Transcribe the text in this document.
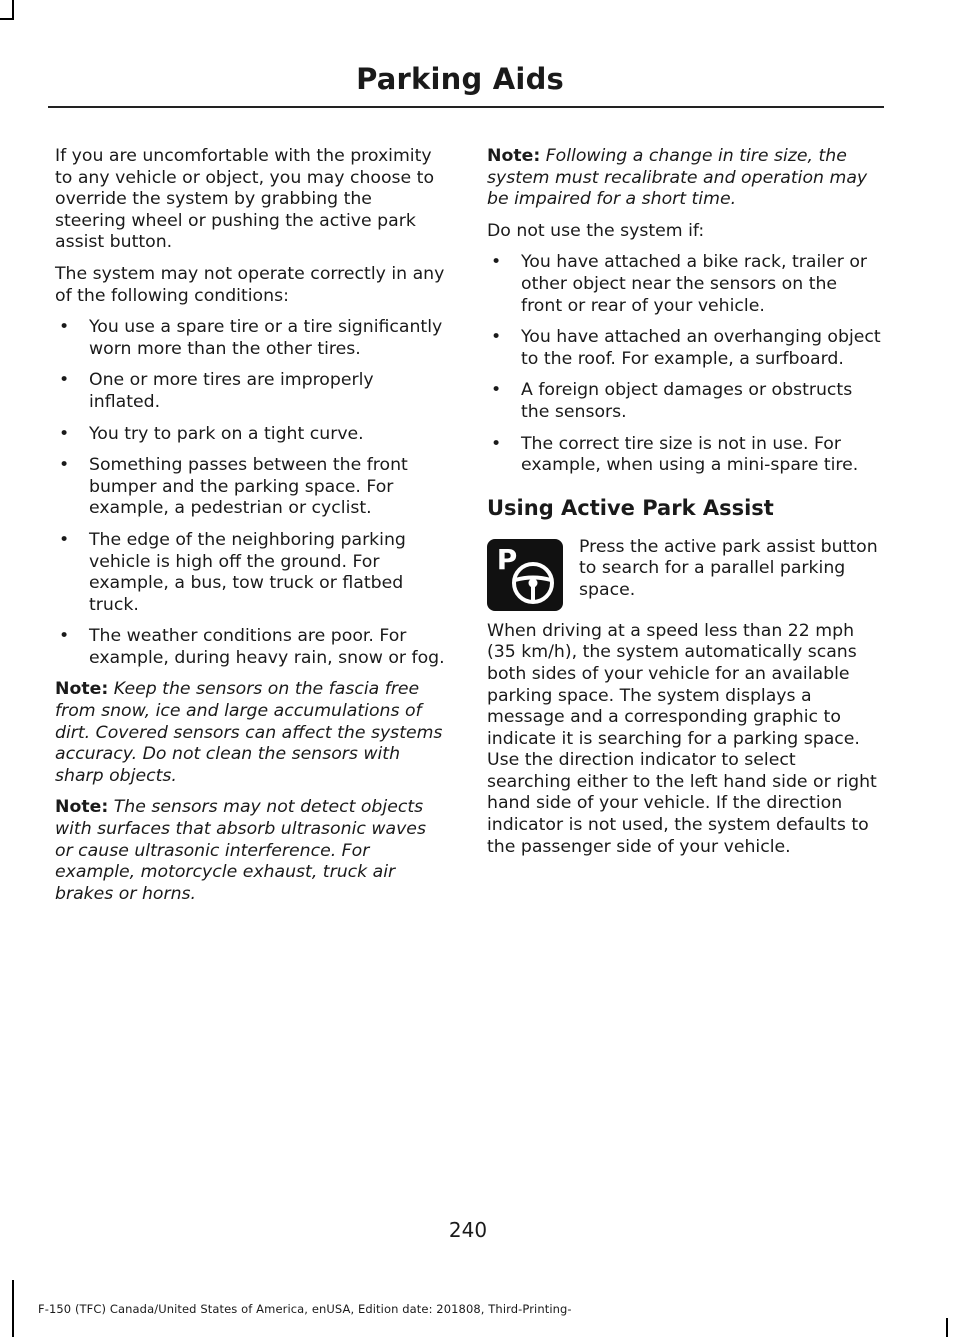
Parking Aids

If you are uncomfortable with the proximity to any vehicle or object, you may choose to override the system by grabbing the steering wheel or pushing the active park assist button.

The system may not operate correctly in any of the following conditions:

• You use a spare tire or a tire significantly worn more than the other tires.
• One or more tires are improperly inflated.
• You try to park on a tight curve.
• Something passes between the front bumper and the parking space. For example, a pedestrian or cyclist.
• The edge of the neighboring parking vehicle is high off the ground. For example, a bus, tow truck or flatbed truck.
• The weather conditions are poor. For example, during heavy rain, snow or fog.

Note: Keep the sensors on the fascia free from snow, ice and large accumulations of dirt. Covered sensors can affect the systems accuracy. Do not clean the sensors with sharp objects.

Note: The sensors may not detect objects with surfaces that absorb ultrasonic waves or cause ultrasonic interference. For example, motorcycle exhaust, truck air brakes or horns.

Note: Following a change in tire size, the system must recalibrate and operation may be impaired for a short time.

Do not use the system if:

• You have attached a bike rack, trailer or other object near the sensors on the front or rear of your vehicle.
• You have attached an overhanging object to the roof. For example, a surfboard.
• A foreign object damages or obstructs the sensors.
• The correct tire size is not in use. For example, when using a mini-spare tire.
Using Active Park Assist
P	Press the active park assist button to search for a parallel parking space.

When driving at a speed less than 22 mph (35 km/h), the system automatically scans both sides of your vehicle for an available parking space. The system displays a message and a corresponding graphic to indicate it is searching for a parking space. Use the direction indicator to select searching either to the left hand side or right hand side of your vehicle. If the direction indicator is not used, the system defaults to the passenger side of your vehicle.

240
F-150 (TFC) Canada/United States of America, enUSA, Edition date: 201808, Third-Printing-
